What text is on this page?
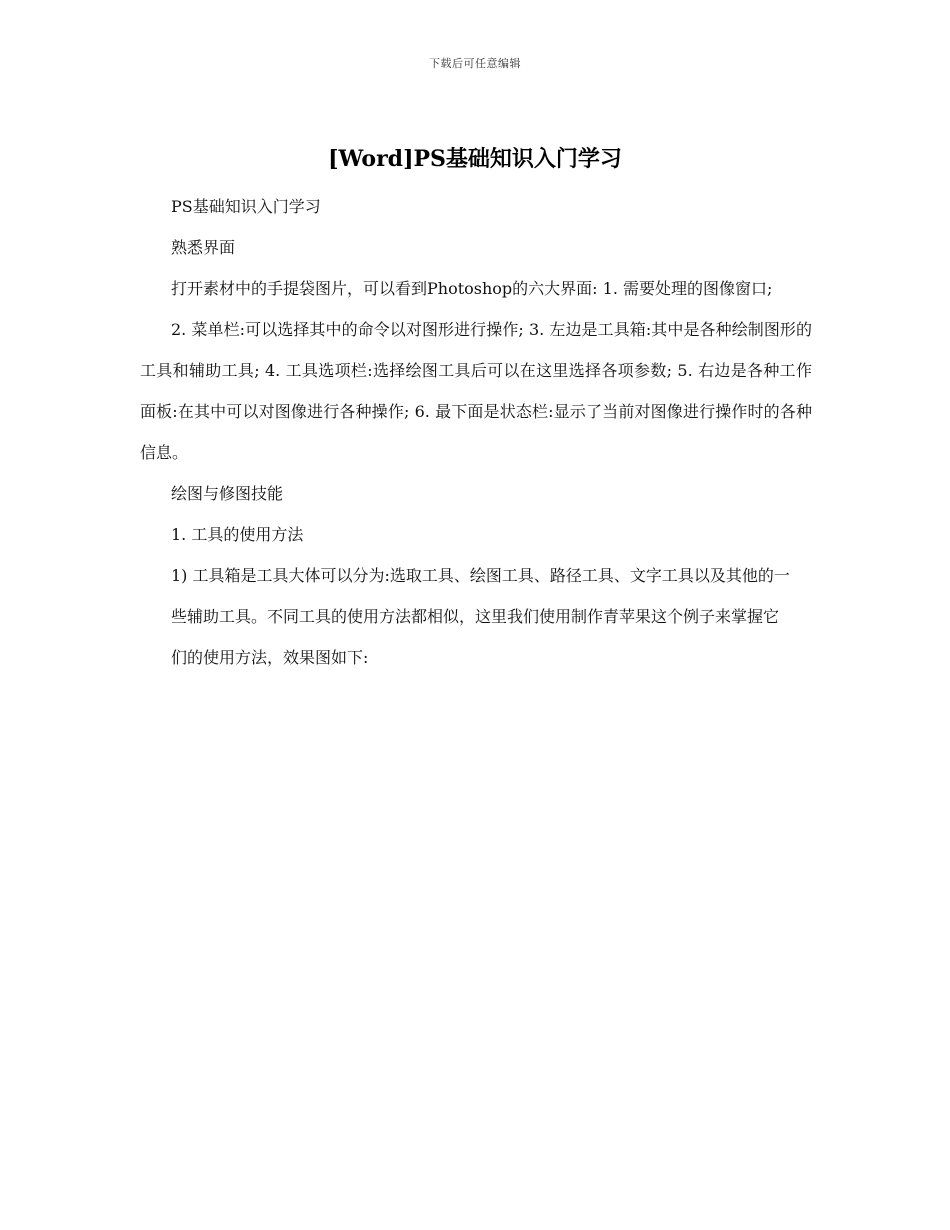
下载后可任意编辑
[Word]PS基础知识入门学习

PS基础知识入门学习

熟悉界面

打开素材中的手提袋图片，可以看到Photoshop的六大界面: 1. 需要处理的图像窗口;

2. 菜单栏:可以选择其中的命令以对图形进行操作; 3. 左边是工具箱:其中是各种绘制图形的工具和辅助工具; 4. 工具选项栏:选择绘图工具后可以在这里选择各项参数; 5. 右边是各种工作面板:在其中可以对图像进行各种操作; 6. 最下面是状态栏:显示了当前对图像进行操作时的各种信息。

绘图与修图技能

1. 工具的使用方法

1) 工具箱是工具大体可以分为:选取工具、绘图工具、路径工具、文字工具以及其他的一

些辅助工具。不同工具的使用方法都相似，这里我们使用制作青苹果这个例子来掌握它

们的使用方法，效果图如下:
